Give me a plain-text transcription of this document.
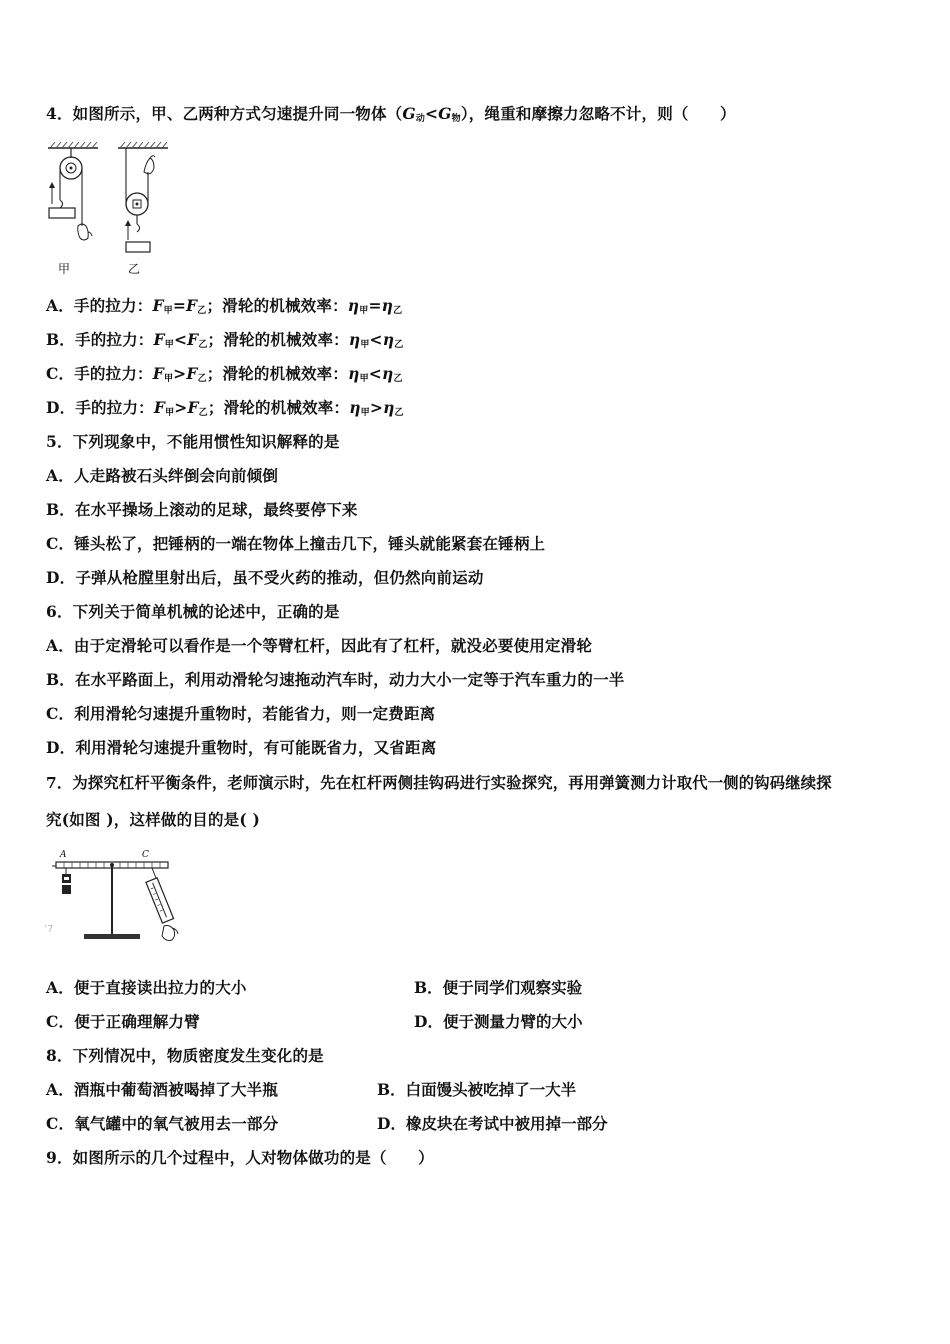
4．如图所示，甲、乙两种方式匀速提升同一物体$(G_动<G_物)$，绳重和摩擦力忽略不计，则（　　）
甲	乙
A．手的拉力：$F_甲=F_乙$；滑轮的机械效率：$\eta_甲=\eta_乙$
B．手的拉力：$F_甲<F_乙$；滑轮的机械效率：$\eta_甲<\eta_乙$
C．手的拉力：$F_甲>F_乙$；滑轮的机械效率：$\eta_甲<\eta_乙$
D．手的拉力：$F_甲>F_乙$；滑轮的机械效率：$\eta_甲>\eta_乙$
5．下列现象中，不能用惯性知识解释的是
A．人走路被石头绊倒会向前倾倒
B．在水平操场上滚动的足球，最终要停下来
C．锤头松了，把锤柄的一端在物体上撞击几下，锤头就能紧套在锤柄上
D．子弹从枪膛里射出后，虽不受火药的推动，但仍然向前运动
6．下列关于简单机械的论述中，正确的是
A．由于定滑轮可以看作是一个等臂杠杆，因此有了杠杆，就没必要使用定滑轮
B．在水平路面上，利用动滑轮匀速拖动汽车时，动力大小一定等于汽车重力的一半
C．利用滑轮匀速提升重物时，若能省力，则一定费距离
D．利用滑轮匀速提升重物时，有可能既省力，又省距离
7．为探究杠杆平衡条件，老师演示时，先在杠杆两侧挂钩码进行实验探究，再用弹簧测力计取代一侧的钩码继续探
究(如图 )，这样做的目的是( )
ʼ7
A	C
A．便于直接读出拉力的大小	B．便于同学们观察实验
C．便于正确理解力臂	D．便于测量力臂的大小
8．下列情况中，物质密度发生变化的是
A．酒瓶中葡萄酒被喝掉了大半瓶	B．白面馒头被吃掉了一大半
C．氧气罐中的氧气被用去一部分	D．橡皮块在考试中被用掉一部分
9．如图所示的几个过程中，人对物体做功的是（　　）
